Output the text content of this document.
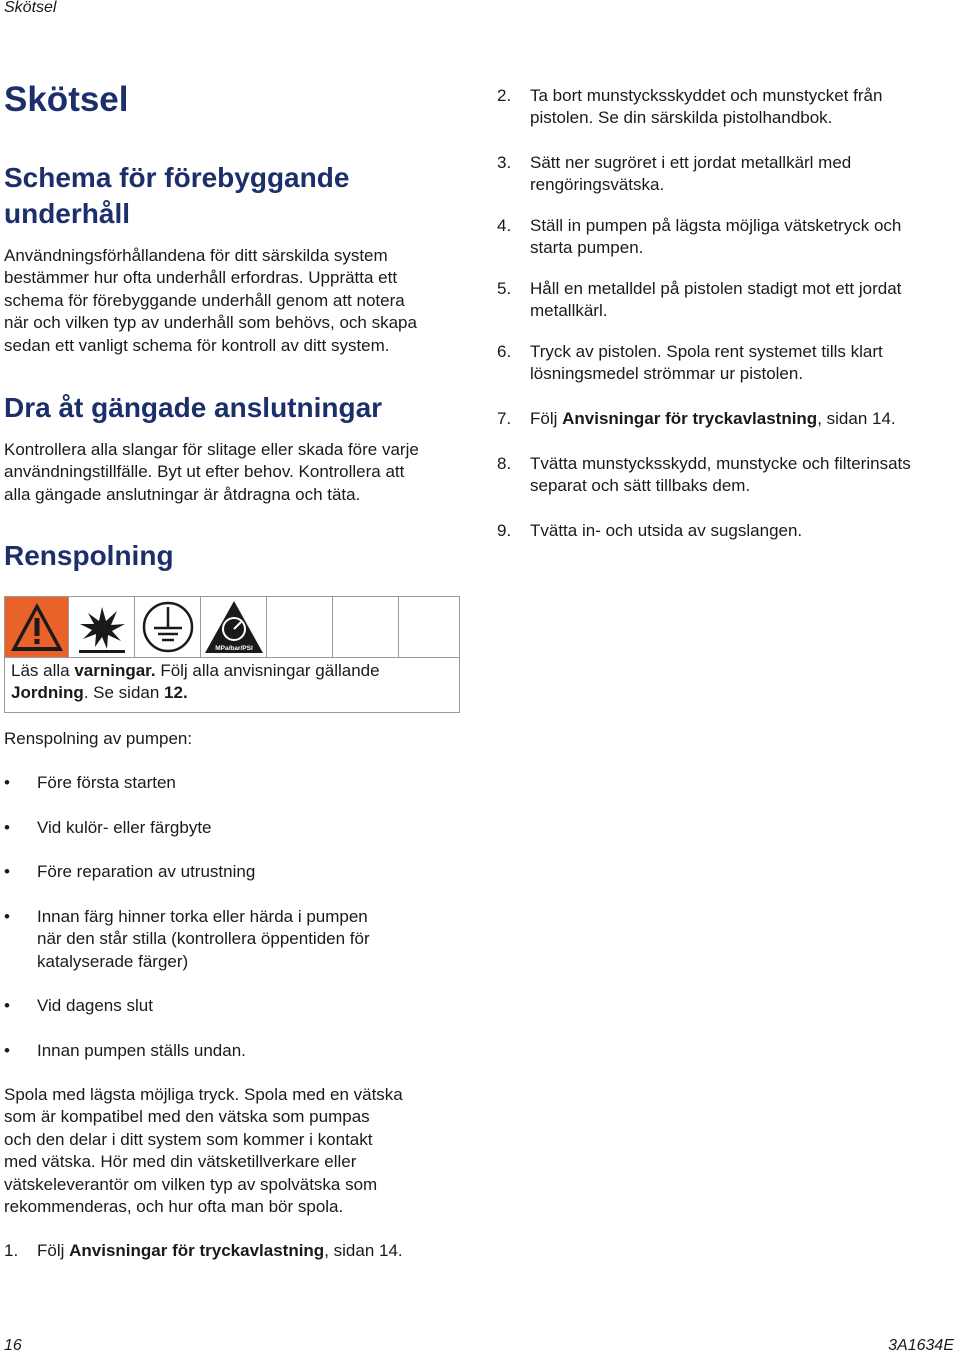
Skötsel
Skötsel
Schema för förebyggande
underhåll
Användningsförhållandena för ditt särskilda system
bestämmer hur ofta underhåll erfordras. Upprätta ett
schema för förebyggande underhåll genom att notera
när och vilken typ av underhåll som behövs, och skapa
sedan ett vanligt schema för kontroll av ditt system.
Dra åt gängade anslutningar
Kontrollera alla slangar för slitage eller skada före varje
användningstillfälle. Byt ut efter behov. Kontrollera att
alla gängade anslutningar är åtdragna och täta.
Renspolning
MPa/bar/PSI
Läs alla varningar. Följ alla anvisningar gällande
Jordning. Se sidan 12.
Renspolning av pumpen:
•	Före första starten
•	Vid kulör- eller färgbyte
•	Före reparation av utrustning
•	Innan färg hinner torka eller härda i pumpen
när den står stilla (kontrollera öppentiden för
katalyserade färger)
•	Vid dagens slut
•	Innan pumpen ställs undan.
Spola med lägsta möjliga tryck. Spola med en vätska
som är kompatibel med den vätska som pumpas
och den delar i ditt system som kommer i kontakt
med vätska. Hör med din vätsketillverkare eller
vätskeleverantör om vilken typ av spolvätska som
rekommenderas, och hur ofta man bör spola.
1.	Följ Anvisningar för tryckavlastning, sidan 14.
2.	Ta bort munstycksskyddet och munstycket från
pistolen. Se din särskilda pistolhandbok.
3.	Sätt ner sugröret i ett jordat metallkärl med
rengöringsvätska.
4.	Ställ in pumpen på lägsta möjliga vätsketryck och
starta pumpen.
5.	Håll en metalldel på pistolen stadigt mot ett jordat
metallkärl.
6.	Tryck av pistolen. Spola rent systemet tills klart
lösningsmedel strömmar ur pistolen.
7.	Följ Anvisningar för tryckavlastning, sidan 14.
8.	Tvätta munstycksskydd, munstycke och filterinsats
separat och sätt tillbaks dem.
9.	Tvätta in- och utsida av sugslangen.
16	3A1634E
